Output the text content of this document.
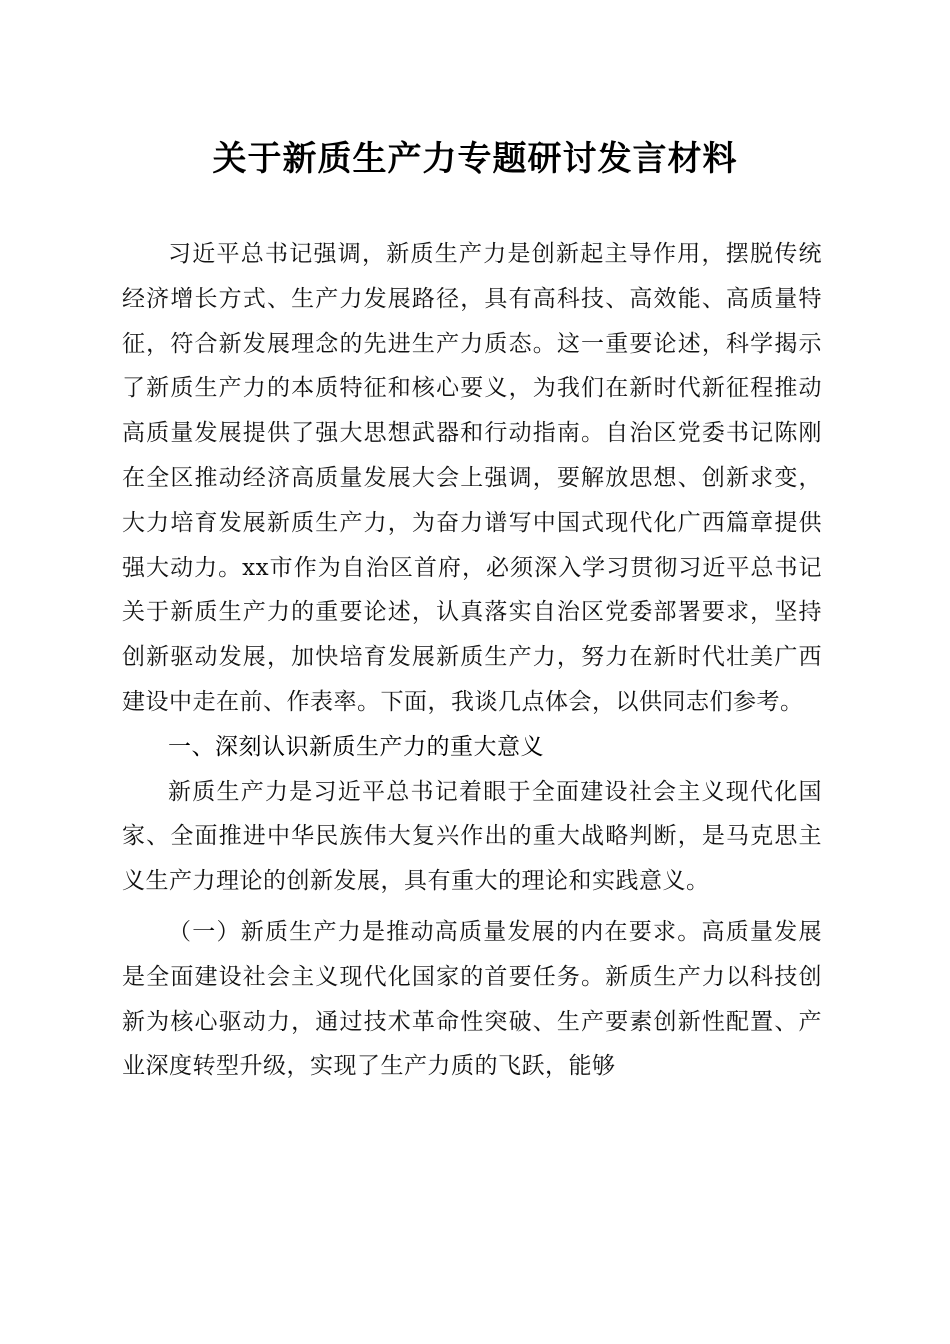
关于新质生产力专题研讨发言材料

习近平总书记强调，新质生产力是创新起主导作用，摆脱传统经济增长方式、生产力发展路径，具有高科技、高效能、高质量特征，符合新发展理念的先进生产力质态。这一重要论述，科学揭示了新质生产力的本质特征和核心要义，为我们在新时代新征程推动高质量发展提供了强大思想武器和行动指南。自治区党委书记陈刚在全区推动经济高质量发展大会上强调，要解放思想、创新求变，大力培育发展新质生产力，为奋力谱写中国式现代化广西篇章提供强大动力。xx市作为自治区首府，必须深入学习贯彻习近平总书记关于新质生产力的重要论述，认真落实自治区党委部署要求，坚持创新驱动发展，加快培育发展新质生产力，努力在新时代壮美广西建设中走在前、作表率。下面，我谈几点体会，以供同志们参考。

一、深刻认识新质生产力的重大意义

新质生产力是习近平总书记着眼于全面建设社会主义现代化国家、全面推进中华民族伟大复兴作出的重大战略判断，是马克思主义生产力理论的创新发展，具有重大的理论和实践意义。

（一）新质生产力是推动高质量发展的内在要求。高质量发展是全面建设社会主义现代化国家的首要任务。新质生产力以科技创新为核心驱动力，通过技术革命性突破、生产要素创新性配置、产业深度转型升级，实现了生产力质的飞跃，能够
